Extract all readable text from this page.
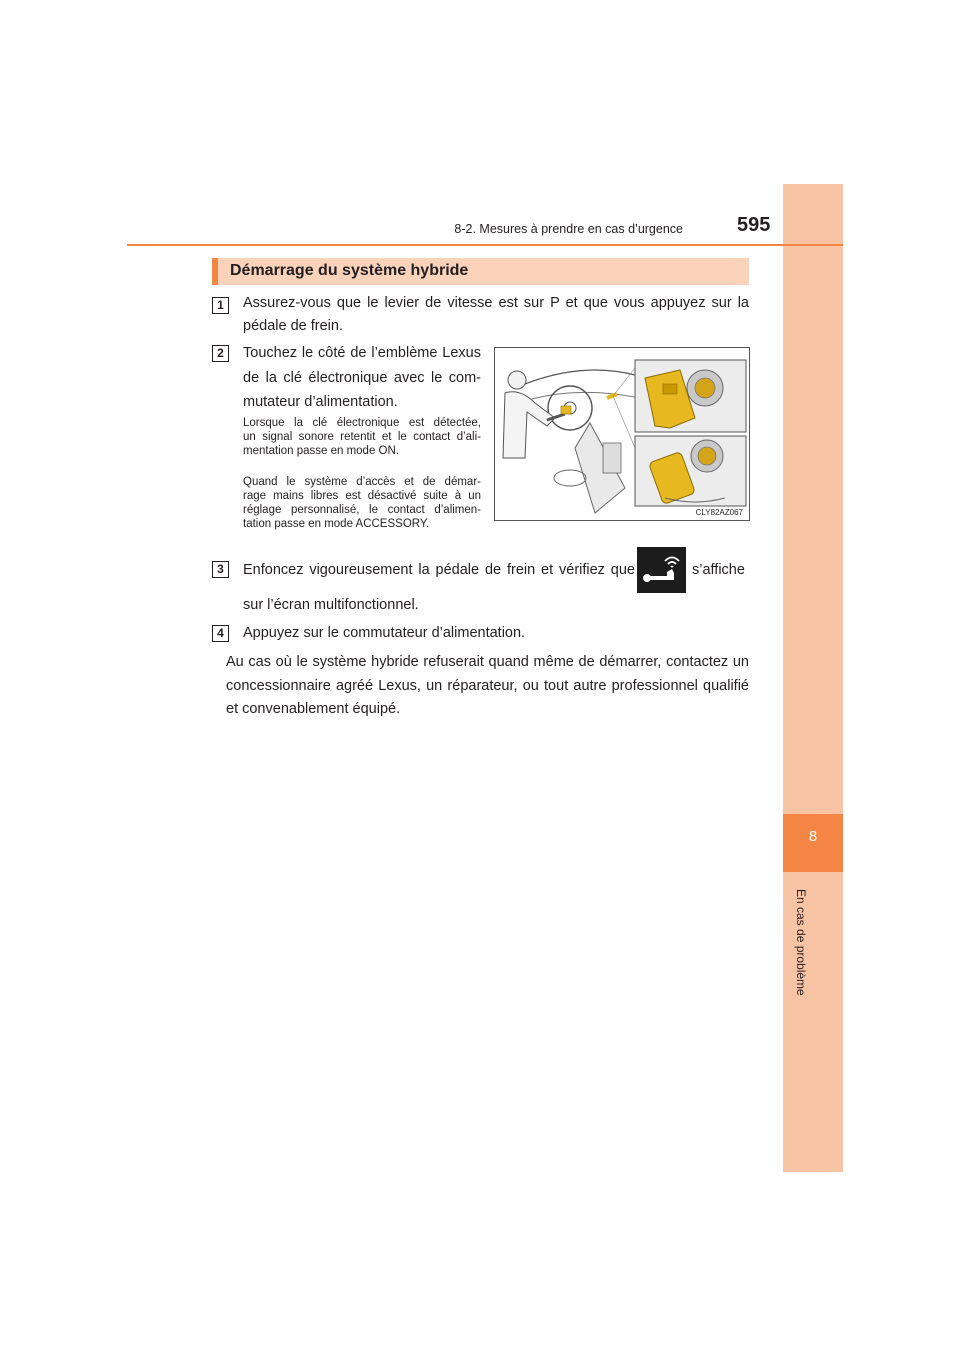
8
En cas de problème
8-2. Mesures à prendre en cas d’urgence	595
Démarrage du système hybride
1	Assurez-vous que le levier de vitesse est sur P et que vous appuyez sur la
pédale de frein.
2	Touchez le côté de l’emblème Lexus
de la clé électronique avec le com-
mutateur d’alimentation.
Lorsque la clé électronique est détectée,
un signal sonore retentit et le contact d’ali-
mentation passe en mode ON.
Quand le système d’accès et de démar-
rage mains libres est désactivé suite à un
réglage personnalisé, le contact d’alimen-
tation passe en mode ACCESSORY.
CLY82AZ067
3	Enfoncez vigoureusement la pédale de frein et vérifiez que	s’affiche
sur l’écran multifonctionnel.
4	Appuyez sur le commutateur d’alimentation.
Au cas où le système hybride refuserait quand même de démarrer, contactez un
concessionnaire agréé Lexus, un réparateur, ou tout autre professionnel qualifié
et convenablement équipé.
